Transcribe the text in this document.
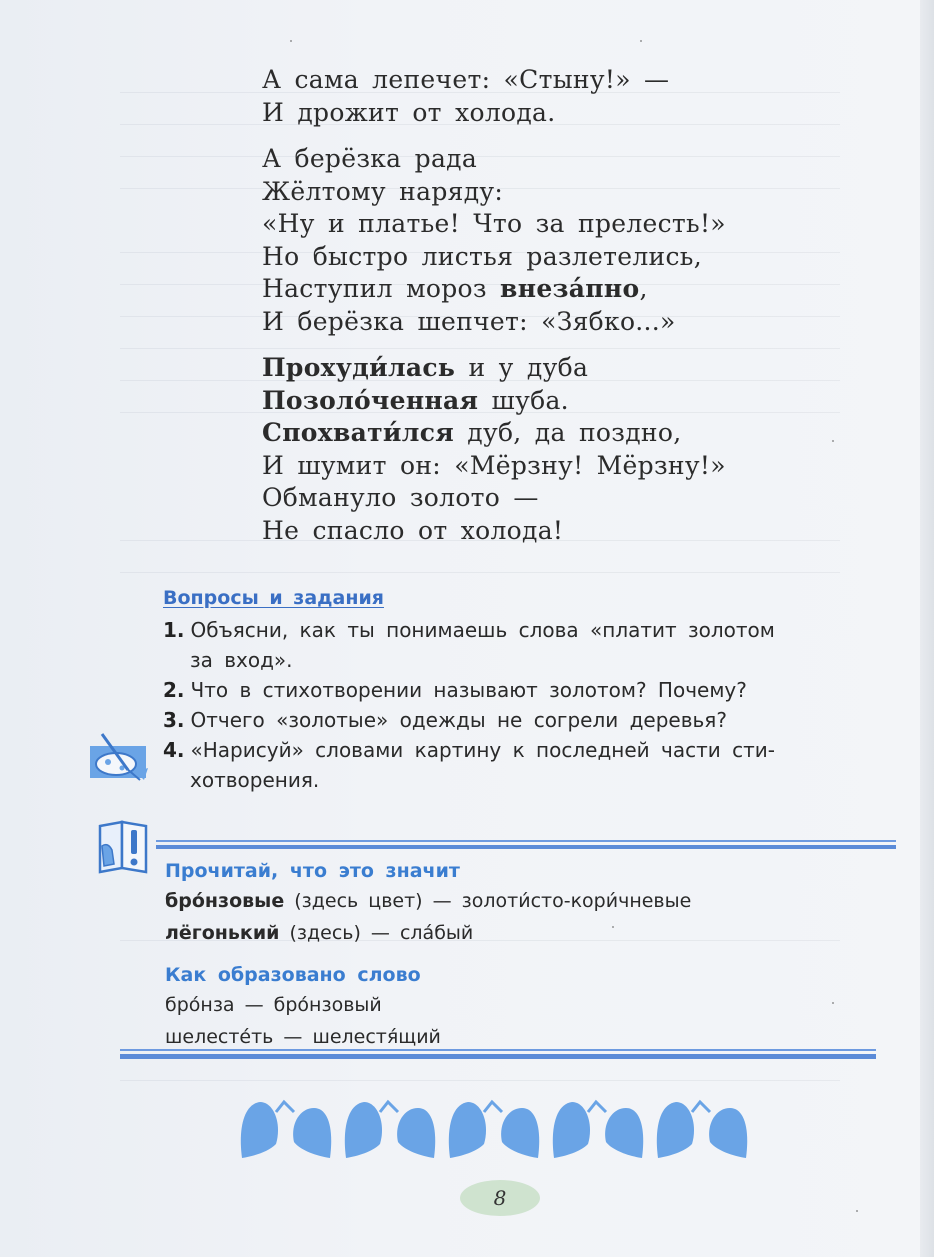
А сама лепечет: «Стыну!» —
И дрожит от холода.
А берёзка рада
Жёлтому наряду:
«Ну и платье! Что за прелесть!»
Но быстро листья разлетелись,
Наступил мороз внеза́пно,
И берёзка шепчет: «Зябко...»
Прохуди́лась и у дуба
Позоло́ченная шуба.
Спохвати́лся дуб, да поздно,
И шумит он: «Мёрзну! Мёрзну!»
Обмануло золото —
Не спасло от холода!
Вопросы и задания
1. Объясни, как ты понимаешь слова «платит золотом
за вход».
2. Что в стихотворении называют золотом? Почему?
3. Отчего «золотые» одежды не согрели деревья?
4. «Нарисуй» словами картину к последней части сти-
хотворения.
Прочитай, что это значит
бро́нзовые (здесь цвет) — золоти́сто-кори́чневые
лёгонький (здесь) — сла́бый
Как образовано слово
бро́нза — бро́нзовый
шелесте́ть — шелестя́щий
8
